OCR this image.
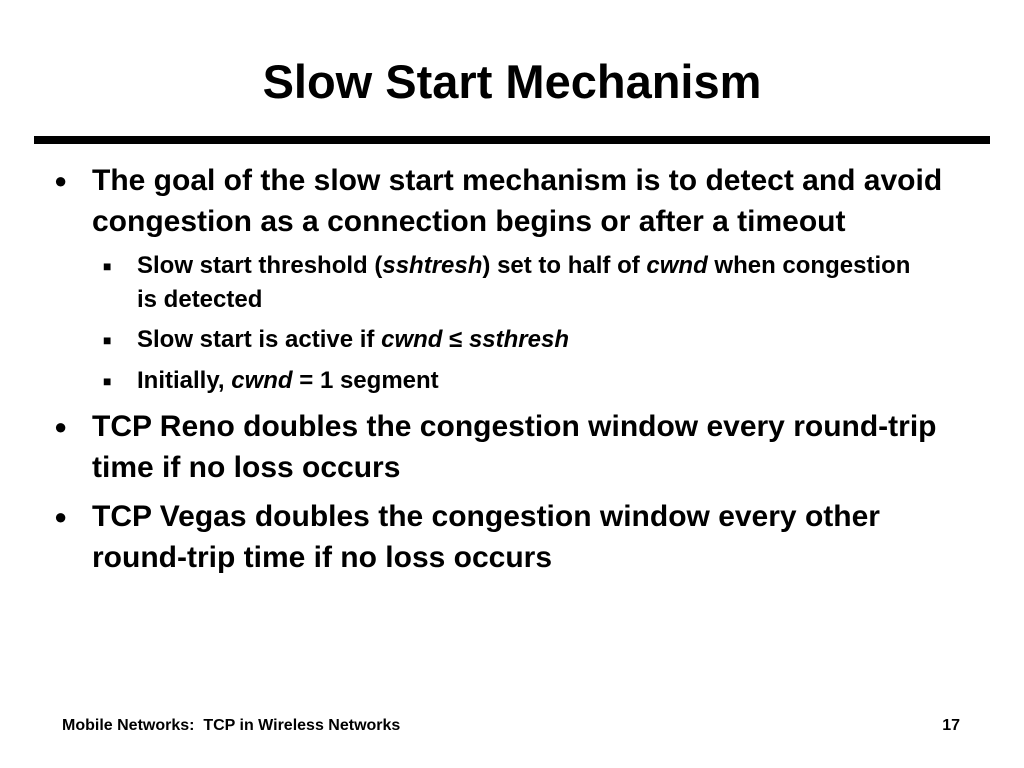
Slow Start Mechanism
● The goal of the slow start mechanism is to detect and avoid congestion as a connection begins or after a timeout
■ Slow start threshold (sshtresh) set to half of cwnd when congestion is detected
■ Slow start is active if cwnd ≤ ssthresh
■ Initially, cwnd = 1 segment
● TCP Reno doubles the congestion window every round-trip time if no loss occurs
● TCP Vegas doubles the congestion window every other round-trip time if no loss occurs
Mobile Networks:  TCP in Wireless Networks	17
